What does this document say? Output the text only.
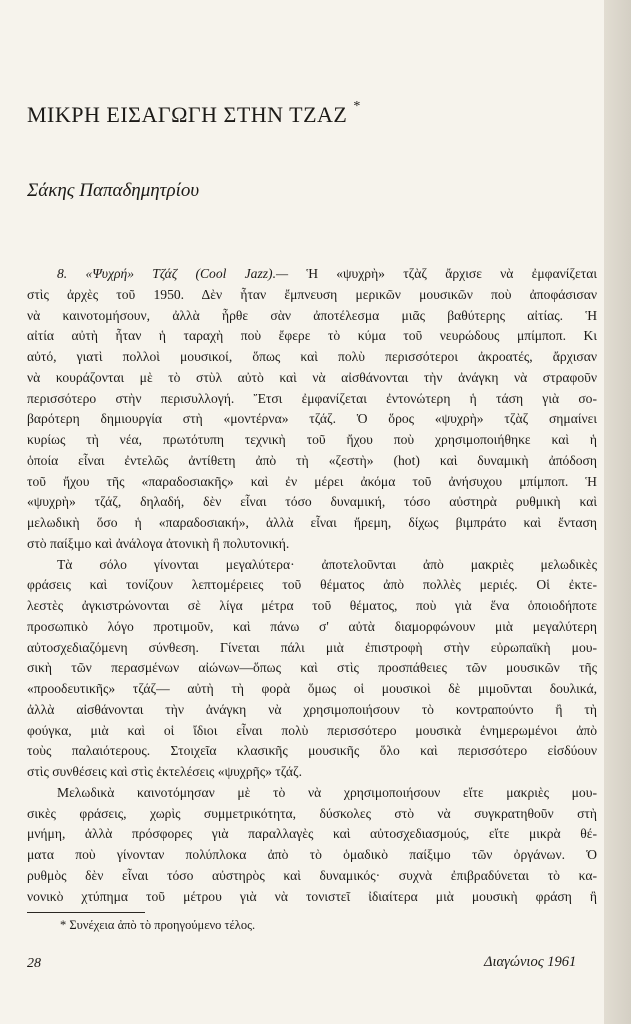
ΜΙΚΡΗ ΕΙΣΑΓΩΓΗ ΣΤΗΝ ΤΖΑΖ *
Σάκης Παπαδημητρίου
8. «Ψυχρή» Τζάζ (Cool Jazz).— Ἡ «ψυχρὴ» τζὰζ ἄρχισε νὰ ἐμφανίζεται
στὶς ἀρχὲς τοῦ 1950. Δὲν ἦταν ἔμπνευση μερικῶν μουσικῶν ποὺ ἀποφάσισαν
νὰ καινοτομήσουν, ἀλλὰ ἦρθε σὰν ἀποτέλεσμα μιᾶς βαθύτερης αἰτίας. Ἡ
αἰτία αὐτὴ ἦταν ἡ ταραχὴ ποὺ ἔφερε τὸ κύμα τοῦ νευρώδους μπίμποπ. Κι
αὐτό, γιατὶ πολλοὶ μουσικοί, ὅπως καὶ πολὺ περισσότεροι ἀκροατές, ἄρχισαν
νὰ κουράζονται μὲ τὸ στὺλ αὐτὸ καὶ νὰ αἰσθάνονται τὴν ἀνάγκη νὰ στραφοῦν
περισσότερο στὴν περισυλλογή. Ἔτσι ἐμφανίζεται ἐντονώτερη ἡ τάση γιὰ σο-
βαρότερη δημιουργία στὴ «μοντέρνα» τζάζ. Ὁ ὅρος «ψυχρὴ» τζὰζ σημαίνει
κυρίως τὴ νέα, πρωτότυπη τεχνικὴ τοῦ ἤχου ποὺ χρησιμοποιήθηκε καὶ ἡ
ὁποία εἶναι ἐντελῶς ἀντίθετη ἀπὸ τὴ «ζεστὴ» (hot) καὶ δυναμικὴ ἀπόδοση
τοῦ ἤχου τῆς «παραδοσιακῆς» καὶ ἐν μέρει ἀκόμα τοῦ ἀνήσυχου μπίμποπ. Ἡ
«ψυχρὴ» τζάζ, δηλαδή, δὲν εἶναι τόσο δυναμική, τόσο αὐστηρὰ ρυθμικὴ καὶ
μελωδικὴ ὅσο ἡ «παραδοσιακή», ἀλλὰ εἶναι ἤρεμη, δίχως βιμπράτο καὶ ἔνταση
στὸ παίξιμο καὶ ἀνάλογα ἀτονικὴ ἢ πολυτονική.
Τὰ σόλο γίνονται μεγαλύτερα· ἀποτελοῦνται ἀπὸ μακριὲς μελωδικὲς
φράσεις καὶ τονίζουν λεπτομέρειες τοῦ θέματος ἀπὸ πολλὲς μεριές. Οἱ ἐκτε-
λεστὲς ἀγκιστρώνονται σὲ λίγα μέτρα τοῦ θέματος, ποὺ γιὰ ἕνα ὁποιοδήποτε
προσωπικὸ λόγο προτιμοῦν, καὶ πάνω σ' αὐτὰ διαμορφώνουν μιὰ μεγαλύτερη
αὐτοσχεδιαζόμενη σύνθεση. Γίνεται πάλι μιὰ ἐπιστροφὴ στὴν εὐρωπαϊκὴ μου-
σικὴ τῶν περασμένων αἰώνων—ὅπως καὶ στὶς προσπάθειες τῶν μουσικῶν τῆς
«προοδευτικῆς» τζάζ— αὐτὴ τὴ φορὰ ὅμως οἱ μουσικοὶ δὲ μιμοῦνται δουλικά,
ἀλλὰ αἰσθάνονται τὴν ἀνάγκη νὰ χρησιμοποιήσουν τὸ κοντραπούντο ἢ τὴ
φούγκα, μιὰ καὶ οἱ ἴδιοι εἶναι πολὺ περισσότερο μουσικὰ ἐνημερωμένοι ἀπὸ
τοὺς παλαιότερους. Στοιχεῖα κλασικῆς μουσικῆς ὅλο καὶ περισσότερο εἰσδύουν
στὶς συνθέσεις καὶ στὶς ἐκτελέσεις «ψυχρῆς» τζάζ.
Μελωδικὰ καινοτόμησαν μὲ τὸ νὰ χρησιμοποιήσουν εἴτε μακριὲς μου-
σικὲς φράσεις, χωρὶς συμμετρικότητα, δύσκολες στὸ νὰ συγκρατηθοῦν στὴ
μνήμη, ἀλλὰ πρόσφορες γιὰ παραλλαγὲς καὶ αὐτοσχεδιασμούς, εἴτε μικρὰ θέ-
ματα ποὺ γίνονταν πολύπλοκα ἀπὸ τὸ ὁμαδικὸ παίξιμο τῶν ὀργάνων. Ὁ
ρυθμὸς δὲν εἶναι τόσο αὐστηρὸς καὶ δυναμικός· συχνὰ ἐπιβραδύνεται τὸ κα-
νονικὸ χτύπημα τοῦ μέτρου γιὰ νὰ τονιστεῖ ἰδιαίτερα μιὰ μουσικὴ φράση ἢ
* Συνέχεια ἀπὸ τὸ προηγούμενο τέλος.
28	Διαγώνιος 1961
